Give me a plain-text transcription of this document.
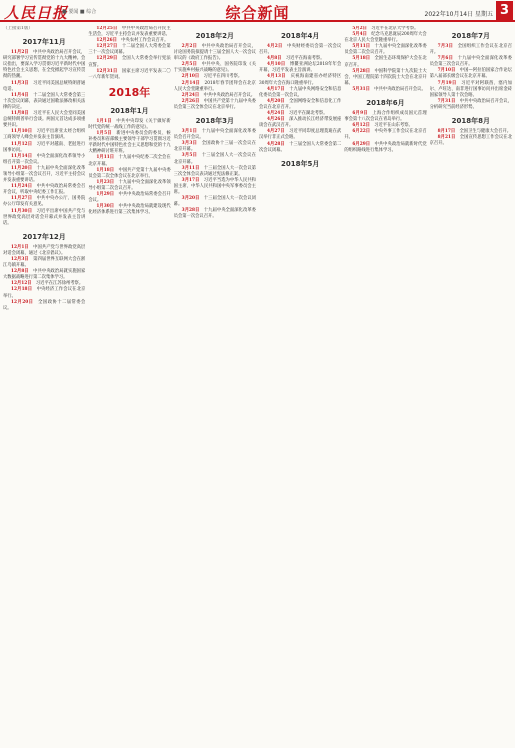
人民日报
■ 要闻 ■ 综合	综合新闻	2022年10月14日 星期五 3
（上接第1版）
2017年11月

11月2日　中共中央政治局召开会议，研究部署学习宣传贯彻党的十九大精神。会议指出，要深入学习贯彻习近平新时代中国特色社会主义思想，在全党掀起学习宣传贯彻的热潮。

11月3日　习近平同美国总统特朗普通电话。

11月4日　十二届全国人大常委会第三十次会议闭幕，表决通过国歌法修改相关法律的决定。

11月8日　习近平在人民大会堂同美国总统特朗普举行会谈。两国元首达成多项重要共识。

11月10日　习近平出席亚太经合组织工商领导人峰会并发表主旨演讲。

11月12日　习近平对越南、老挝进行国事访问。

11月14日　中央全面深化改革领导小组召开第一次会议。

11月20日　十九届中央全面深化改革领导小组第一次会议召开，习近平主持会议并发表重要讲话。

11月24日　中共中央政治局常委会召开会议，听取中央纪委工作汇报。

11月27日　中共中央办公厅、国务院办公厅印发有关意见。

11月30日　习近平出席中国共产党与世界政党高层对话会开幕式并发表主旨讲话。

2017年12月

12月1日　中国共产党与世界政党高层对话会闭幕，通过《北京倡议》。

12月3日　第四届世界互联网大会在浙江乌镇开幕。

12月8日　中共中央政治局就实施国家大数据战略进行第二次集体学习。

12月12日　习近平在江苏徐州考察。

12月18日　中央经济工作会议在北京举行。

12月20日　全国政协十二届常委会议。

12月25日　中共中央政治局召开民主生活会，习近平主持会议并发表重要讲话。

12月26日　中央农村工作会议召开。

12月27日　十二届全国人大常委会第三十一次会议闭幕。

12月29日　全国人大常委会举行宪法宣誓。

12月31日　国家主席习近平发表二〇一八年新年贺词。

2018年
2018年1月

1月1日　中共中央印发《关于做好新时代党的统一战线工作的意见》。

1月5日　新进中央委员会的委员、候补委员和省部级主要领导干部学习贯彻习近平新时代中国特色社会主义思想和党的十九大精神研讨班开班。

1月11日　十九届中央纪委二次全会在北京开幕。

1月18日　中国共产党第十九届中央委员会第二次全体会议在北京举行。

1月23日　十九届中央全面深化改革领导小组第二次会议召开。

1月29日　中共中央政治局常委会召开会议。

1月30日　中共中央政治局就建设现代化经济体系进行第三次集体学习。

2018年2月

2月2日　中共中央政治局召开会议，讨论国务院拟提请十三届全国人大一次会议审议的《政府工作报告》。

2月5日　中共中央、国务院印发《关于实施乡村振兴战略的意见》。

2月10日　习近平在四川考察。

2月14日　2018年春节团拜会在北京人民大会堂隆重举行。

2月24日　中共中央政治局召开会议。

2月26日　中国共产党第十九届中央委员会第三次全体会议在北京举行。

2018年3月

3月1日　十九届中央全面深化改革委员会召开会议。

3月3日　全国政协十三届一次会议在北京开幕。

3月5日　十三届全国人大一次会议在北京开幕。

3月11日　十三届全国人大一次会议第三次全体会议表决通过宪法修正案。

3月17日　习近平当选为中华人民共和国主席、中华人民共和国中央军事委员会主席。

3月20日　十三届全国人大一次会议闭幕。

3月28日　十九届中央全面深化改革委员会第一次会议召开。

2018年4月

4月2日　中央财经委员会第一次会议召开。

4月8日　习近平在海南考察。

4月10日　博鳌亚洲论坛2018年年会开幕，习近平发表主旨演讲。

4月13日　庆祝海南建省办经济特区30周年大会在海口隆重举行。

4月17日　十九届中央网络安全和信息化委员会第一次会议。

4月20日　全国网络安全和信息化工作会议在北京召开。

4月24日　习近平在湖北考察。

4月26日　深入推动长江经济带发展座谈会在武汉召开。

4月27日　习近平同印度总理莫迪在武汉举行非正式会晤。

4月28日　十三届全国人大常委会第二次会议闭幕。

2018年5月

5月2日　习近平在北京大学考察。

5月4日　纪念马克思诞辰200周年大会在北京人民大会堂隆重举行。

5月11日　十九届中央全面深化改革委员会第二次会议召开。

5月18日　全国生态环境保护大会在北京召开。

5月28日　中国科学院第十九次院士大会、中国工程院第十四次院士大会在北京开幕。

5月31日　中共中央政治局召开会议。

2018年6月

6月9日　上海合作组织成员国元首理事会第十八次会议在青岛举行。

6月12日　习近平在山东考察。

6月22日　中央外事工作会议在北京召开。

6月29日　中共中央政治局就新时代党的组织路线进行集体学习。

2018年7月

7月3日　全国组织工作会议在北京召开。

7月6日　十九届中央全面深化改革委员会第三次会议召开。

7月10日　中国—阿拉伯国家合作论坛第八届部长级会议在北京开幕。

7月19日　习近平对阿联酋、塞内加尔、卢旺达、南非进行国事访问并出席金砖国家领导人第十次会晤。

7月31日　中共中央政治局召开会议，分析研究当前经济形势。

2018年8月

8月17日　全国卫生与健康大会召开。

8月21日　全国宣传思想工作会议在北京召开。
